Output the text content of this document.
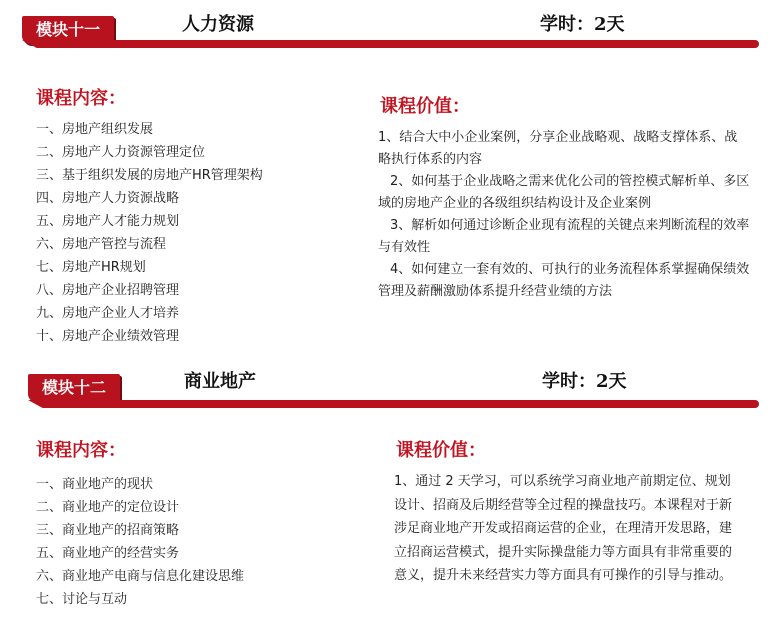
模块十一	人力资源	学时：2天
课程内容：
一、房地产组织发展
二、房地产人力资源管理定位
三、基于组织发展的房地产HR管理架构
四、房地产人力资源战略
五、房地产人才能力规划
六、房地产管控与流程
七、房地产HR规划
八、房地产企业招聘管理
九、房地产企业人才培养
十、房地产企业绩效管理
课程价值：

1、结合大中小企业案例，分享企业战略观、战略支撑体系、战略执行体系的内容

2、如何基于企业战略之需来优化公司的管控模式解析单、多区域的房地产企业的各级组织结构设计及企业案例

3、解析如何通过诊断企业现有流程的关键点来判断流程的效率与有效性

4、如何建立一套有效的、可执行的业务流程体系掌握确保绩效管理及薪酬激励体系提升经营业绩的方法

模块十二	商业地产	学时：2天
课程内容：
一、商业地产的现状
二、商业地产的定位设计
三、商业地产的招商策略
五、商业地产的经营实务
六、商业地产电商与信息化建设思维
七、讨论与互动
课程价值：

1、通过 2 天学习，可以系统学习商业地产前期定位、规划设计、招商及后期经营等全过程的操盘技巧。本课程对于新涉足商业地产开发或招商运营的企业，在理清开发思路，建立招商运营模式，提升实际操盘能力等方面具有非常重要的意义，提升未来经营实力等方面具有可操作的引导与推动。
